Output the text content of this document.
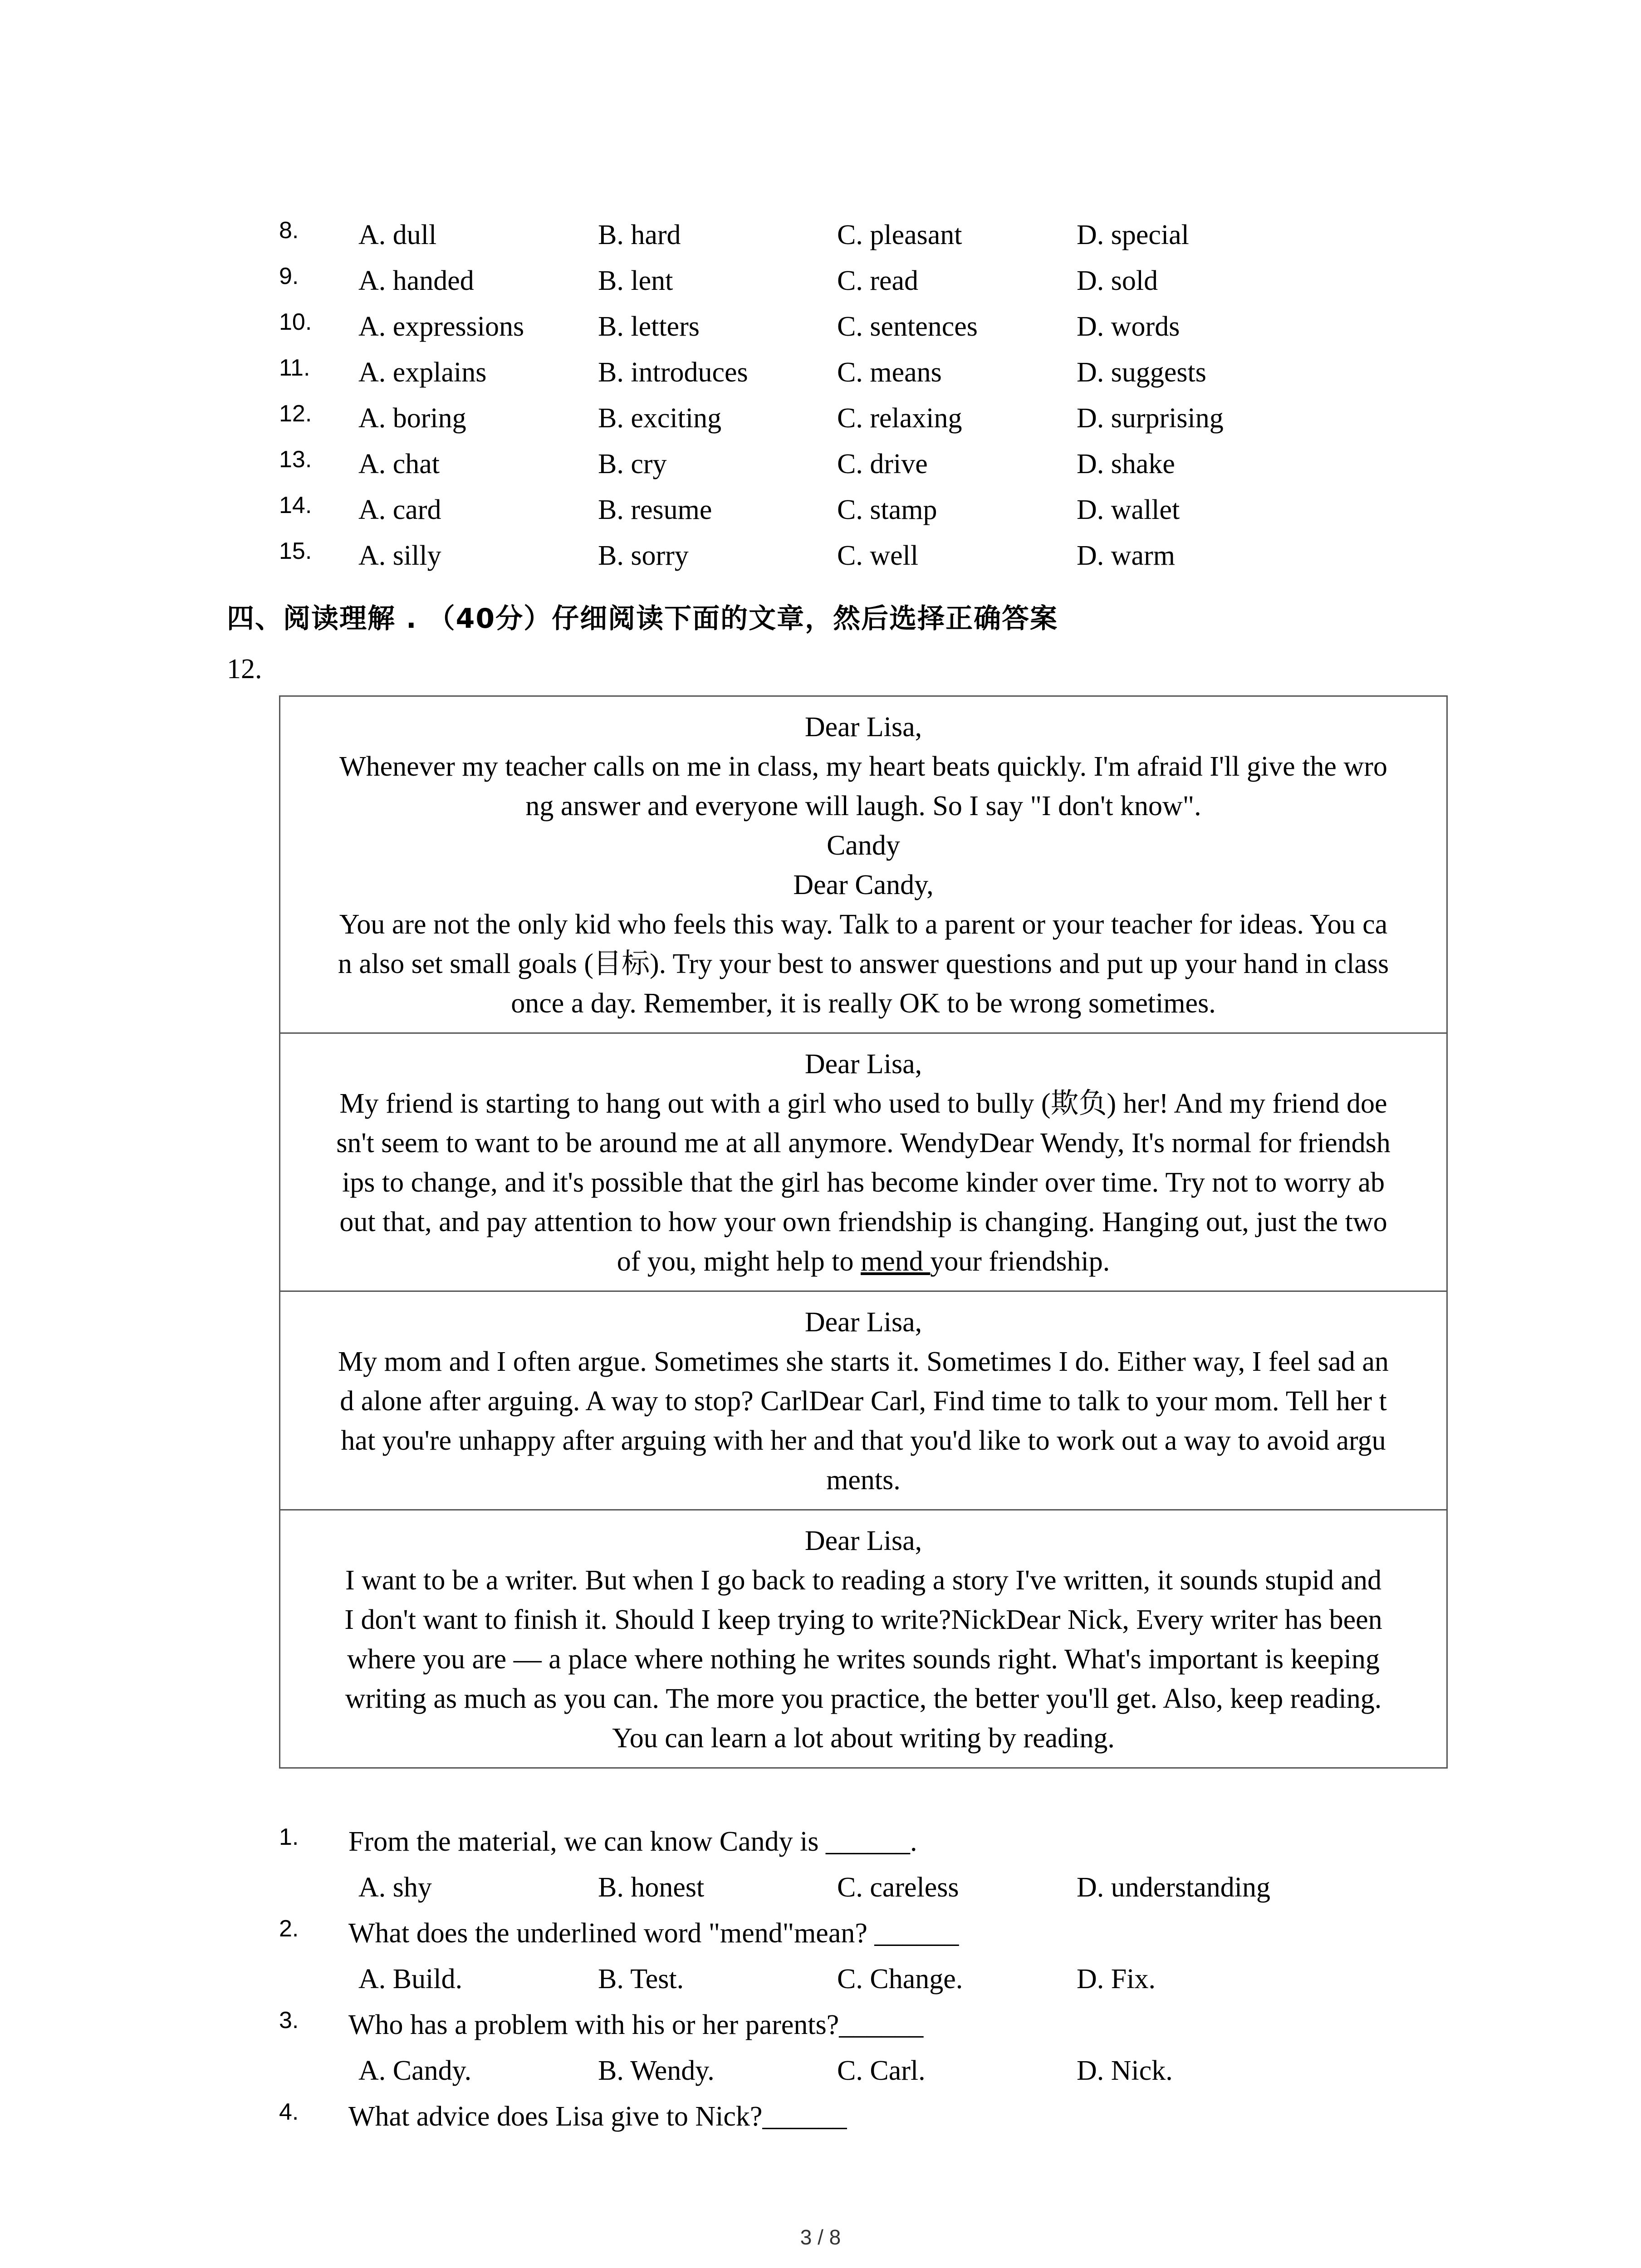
8. A. dull	B. hard	C. pleasant	D. special
9. A. handed	B. lent	C. read	D. sold
10. A. expressions	B. letters	C. sentences	D. words
11. A. explains	B. introduces	C. means	D. suggests
12. A. boring	B. exciting	C. relaxing	D. surprising
13. A. chat	B. cry	C. drive	D. shake
14. A. card	B. resume	C. stamp	D. wallet
15. A. silly	B. sorry	C. well	D. warm
四、阅读理解 . （40分）仔细阅读下面的文章，然后选择正确答案
12.

Dear Lisa,

Whenever my teacher calls on me in class, my heart beats quickly. I'm afraid I'll give the wro

ng answer and everyone will laugh. So I say "I don't know".

Candy

Dear Candy,

You are not the only kid who feels this way. Talk to a parent or your teacher for ideas. You ca

n also set small goals (目标). Try your best to answer questions and put up your hand in class

once a day. Remember, it is really OK to be wrong sometimes.

Dear Lisa,

My friend is starting to hang out with a girl who used to bully (欺负) her! And my friend doe

sn't seem to want to be around me at all anymore. WendyDear Wendy, It's normal for friendsh

ips to change, and it's possible that the girl has become kinder over time. Try not to worry ab

out that, and pay attention to how your own friendship is changing. Hanging out, just the two

of you, might help to mend your friendship.

Dear Lisa,

My mom and I often argue. Sometimes she starts it. Sometimes I do. Either way, I feel sad an

d alone after arguing. A way to stop? CarlDear Carl, Find time to talk to your mom. Tell her t

hat you're unhappy after arguing with her and that you'd like to work out a way to avoid argu

ments.

Dear Lisa,

I want to be a writer. But when I go back to reading a story I've written, it sounds stupid and

I don't want to finish it. Should I keep trying to write?NickDear Nick, Every writer has been

where you are — a place where nothing he writes sounds right. What's important is keeping

writing as much as you can. The more you practice, the better you'll get. Also, keep reading.

You can learn a lot about writing by reading.

1. From the material, we can know Candy is ______.
A. shy	B. honest	C. careless	D. understanding
2. What does the underlined word "mend"mean? ______
A. Build.	B. Test.	C. Change.	D. Fix.
3. Who has a problem with his or her parents?______
A. Candy.	B. Wendy.	C. Carl.	D. Nick.
4. What advice does Lisa give to Nick?______
3 / 8
